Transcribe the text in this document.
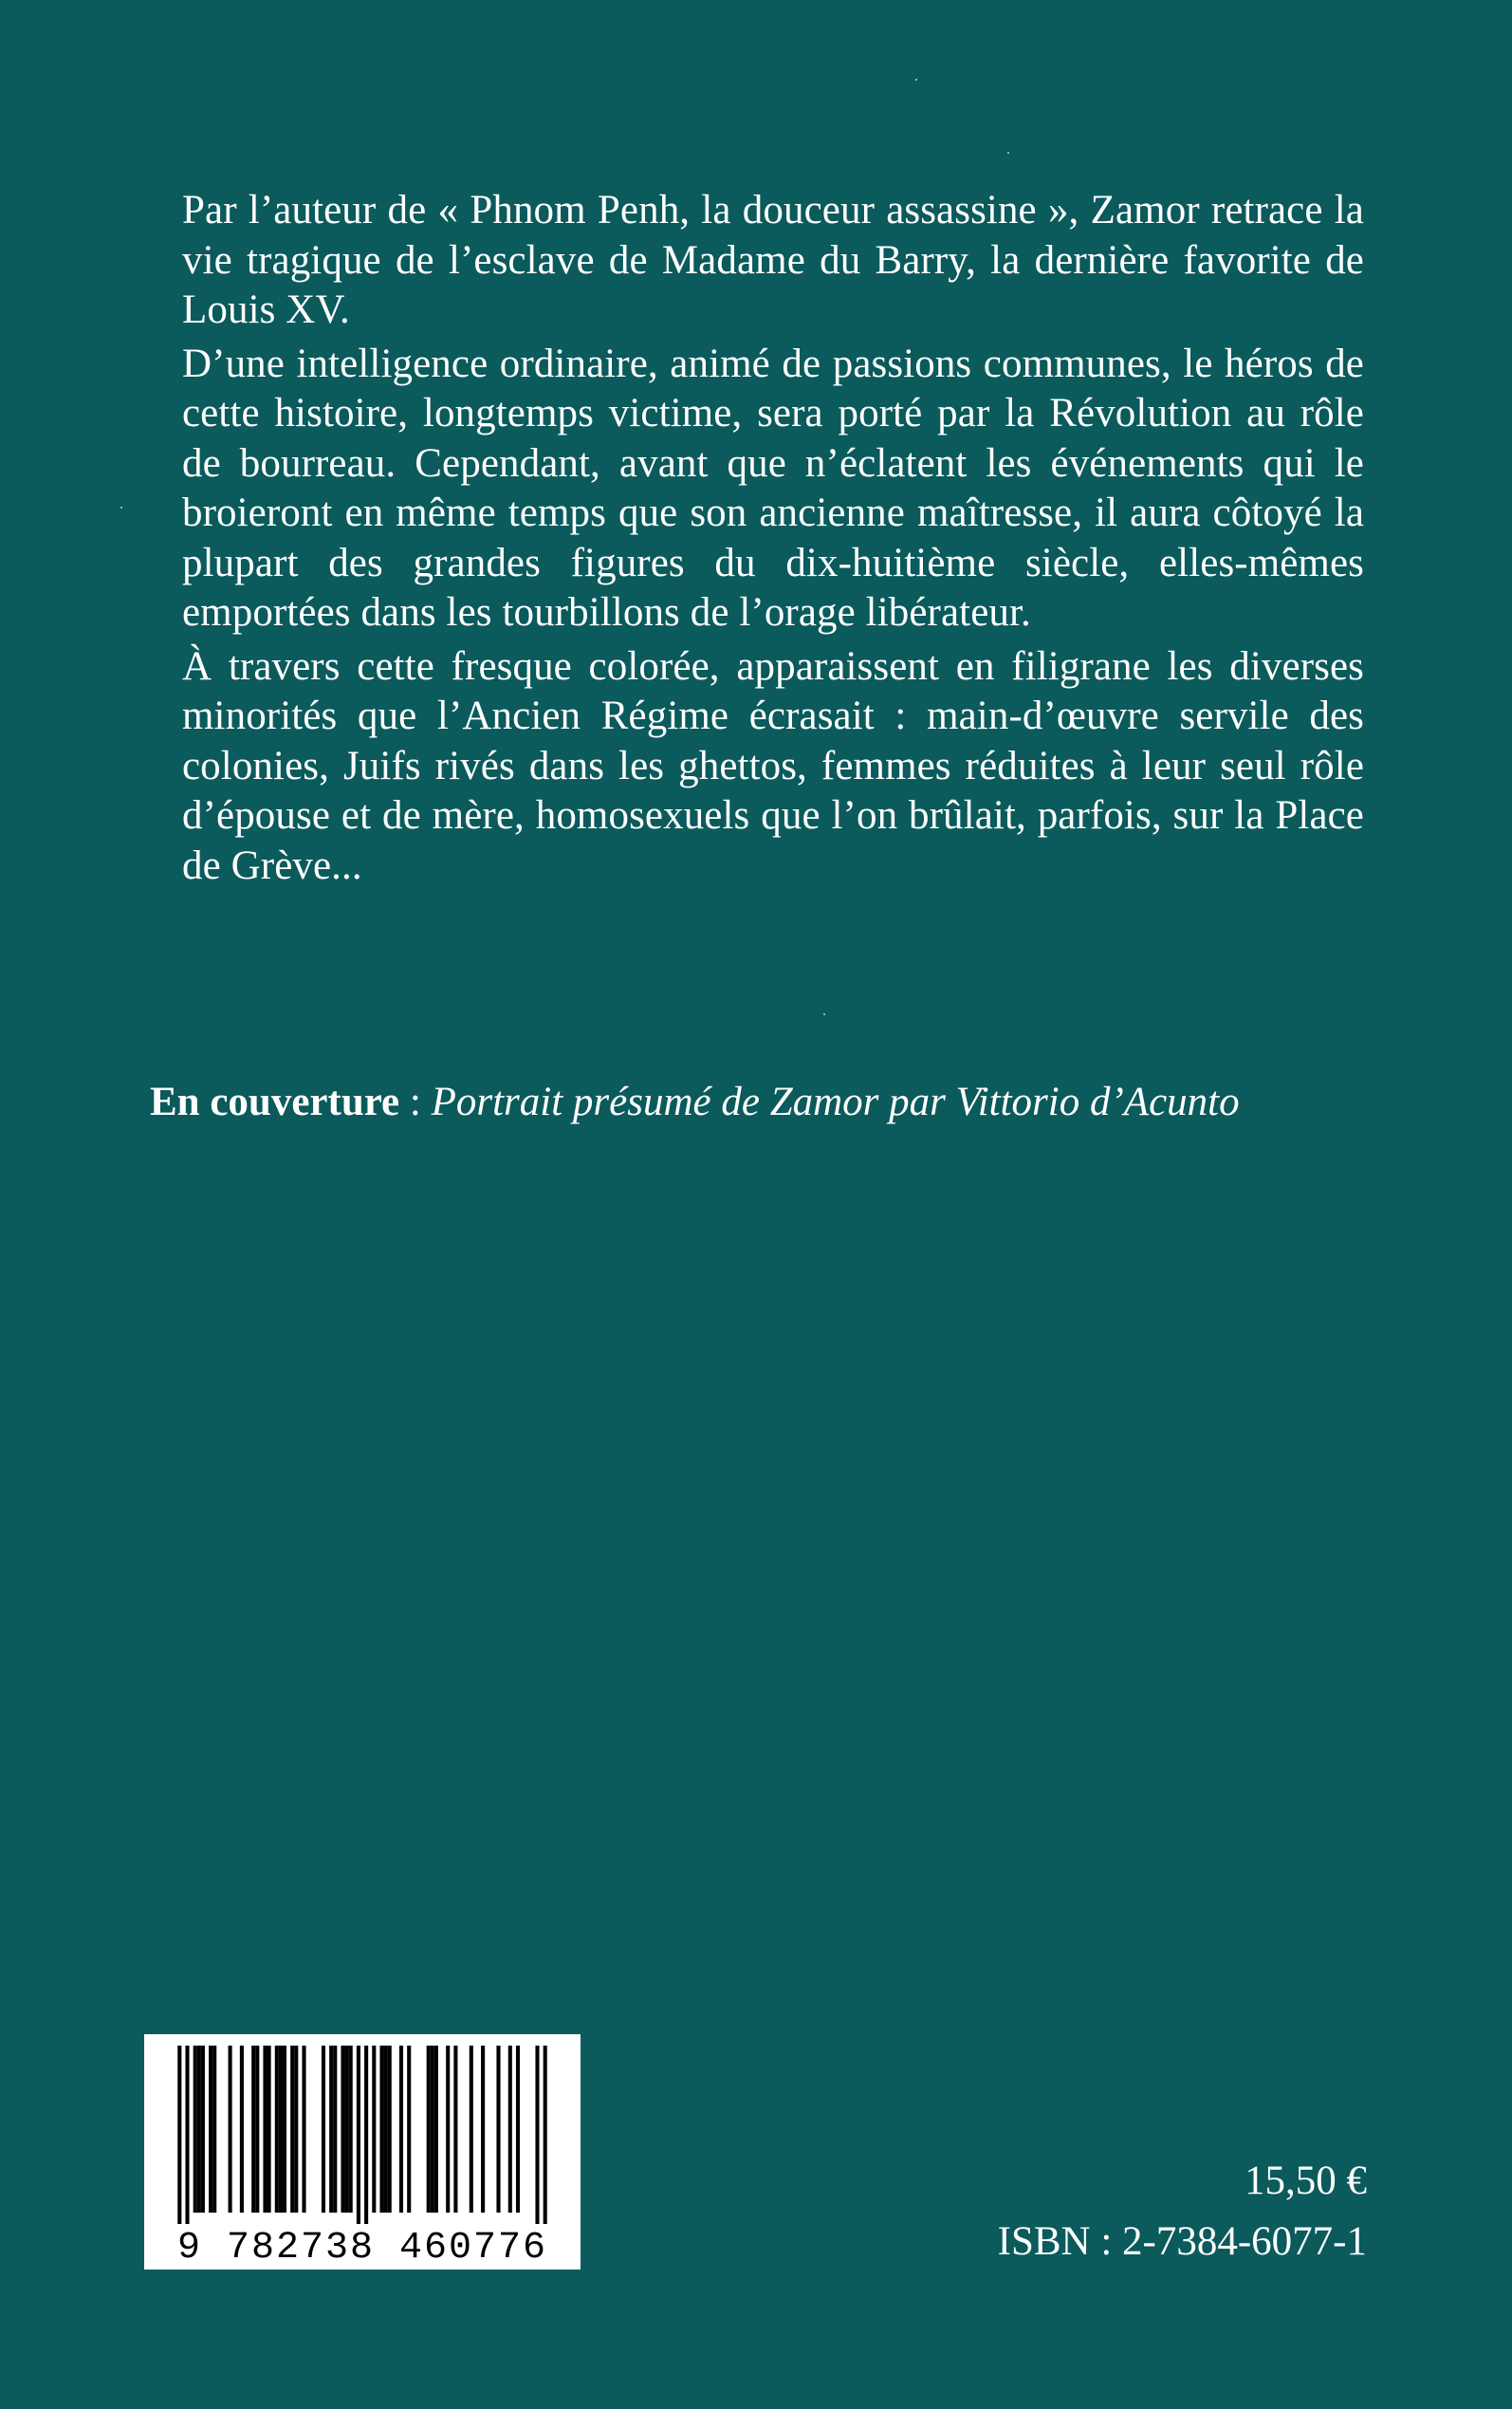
Par l’auteur de « Phnom Penh, la douceur assassine », Zamor retrace la vie tragique de l’esclave de Madame du Barry, la dernière favorite de Louis XV.

D’une intelligence ordinaire, animé de passions communes, le héros de cette histoire, longtemps victime, sera porté par la Révolution au rôle de bourreau. Cependant, avant que n’éclatent les événements qui le broieront en même temps que son ancienne maîtresse, il aura côtoyé la plupart des grandes figures du dix-huitième siècle, elles-mêmes emportées dans les tourbillons de l’orage libérateur.

À travers cette fresque colorée, apparaissent en filigrane les diverses minorités que l’Ancien Régime écrasait : main-d’œuvre servile des colonies, Juifs rivés dans les ghettos, femmes réduites à leur seul rôle d’épouse et de mère, homosexuels que l’on brûlait, parfois, sur la Place de Grève...

En couverture : Portrait présumé de Zamor par Vittorio d’Acunto
9 782738 460776
15,50 €
ISBN : 2-7384-6077-1
